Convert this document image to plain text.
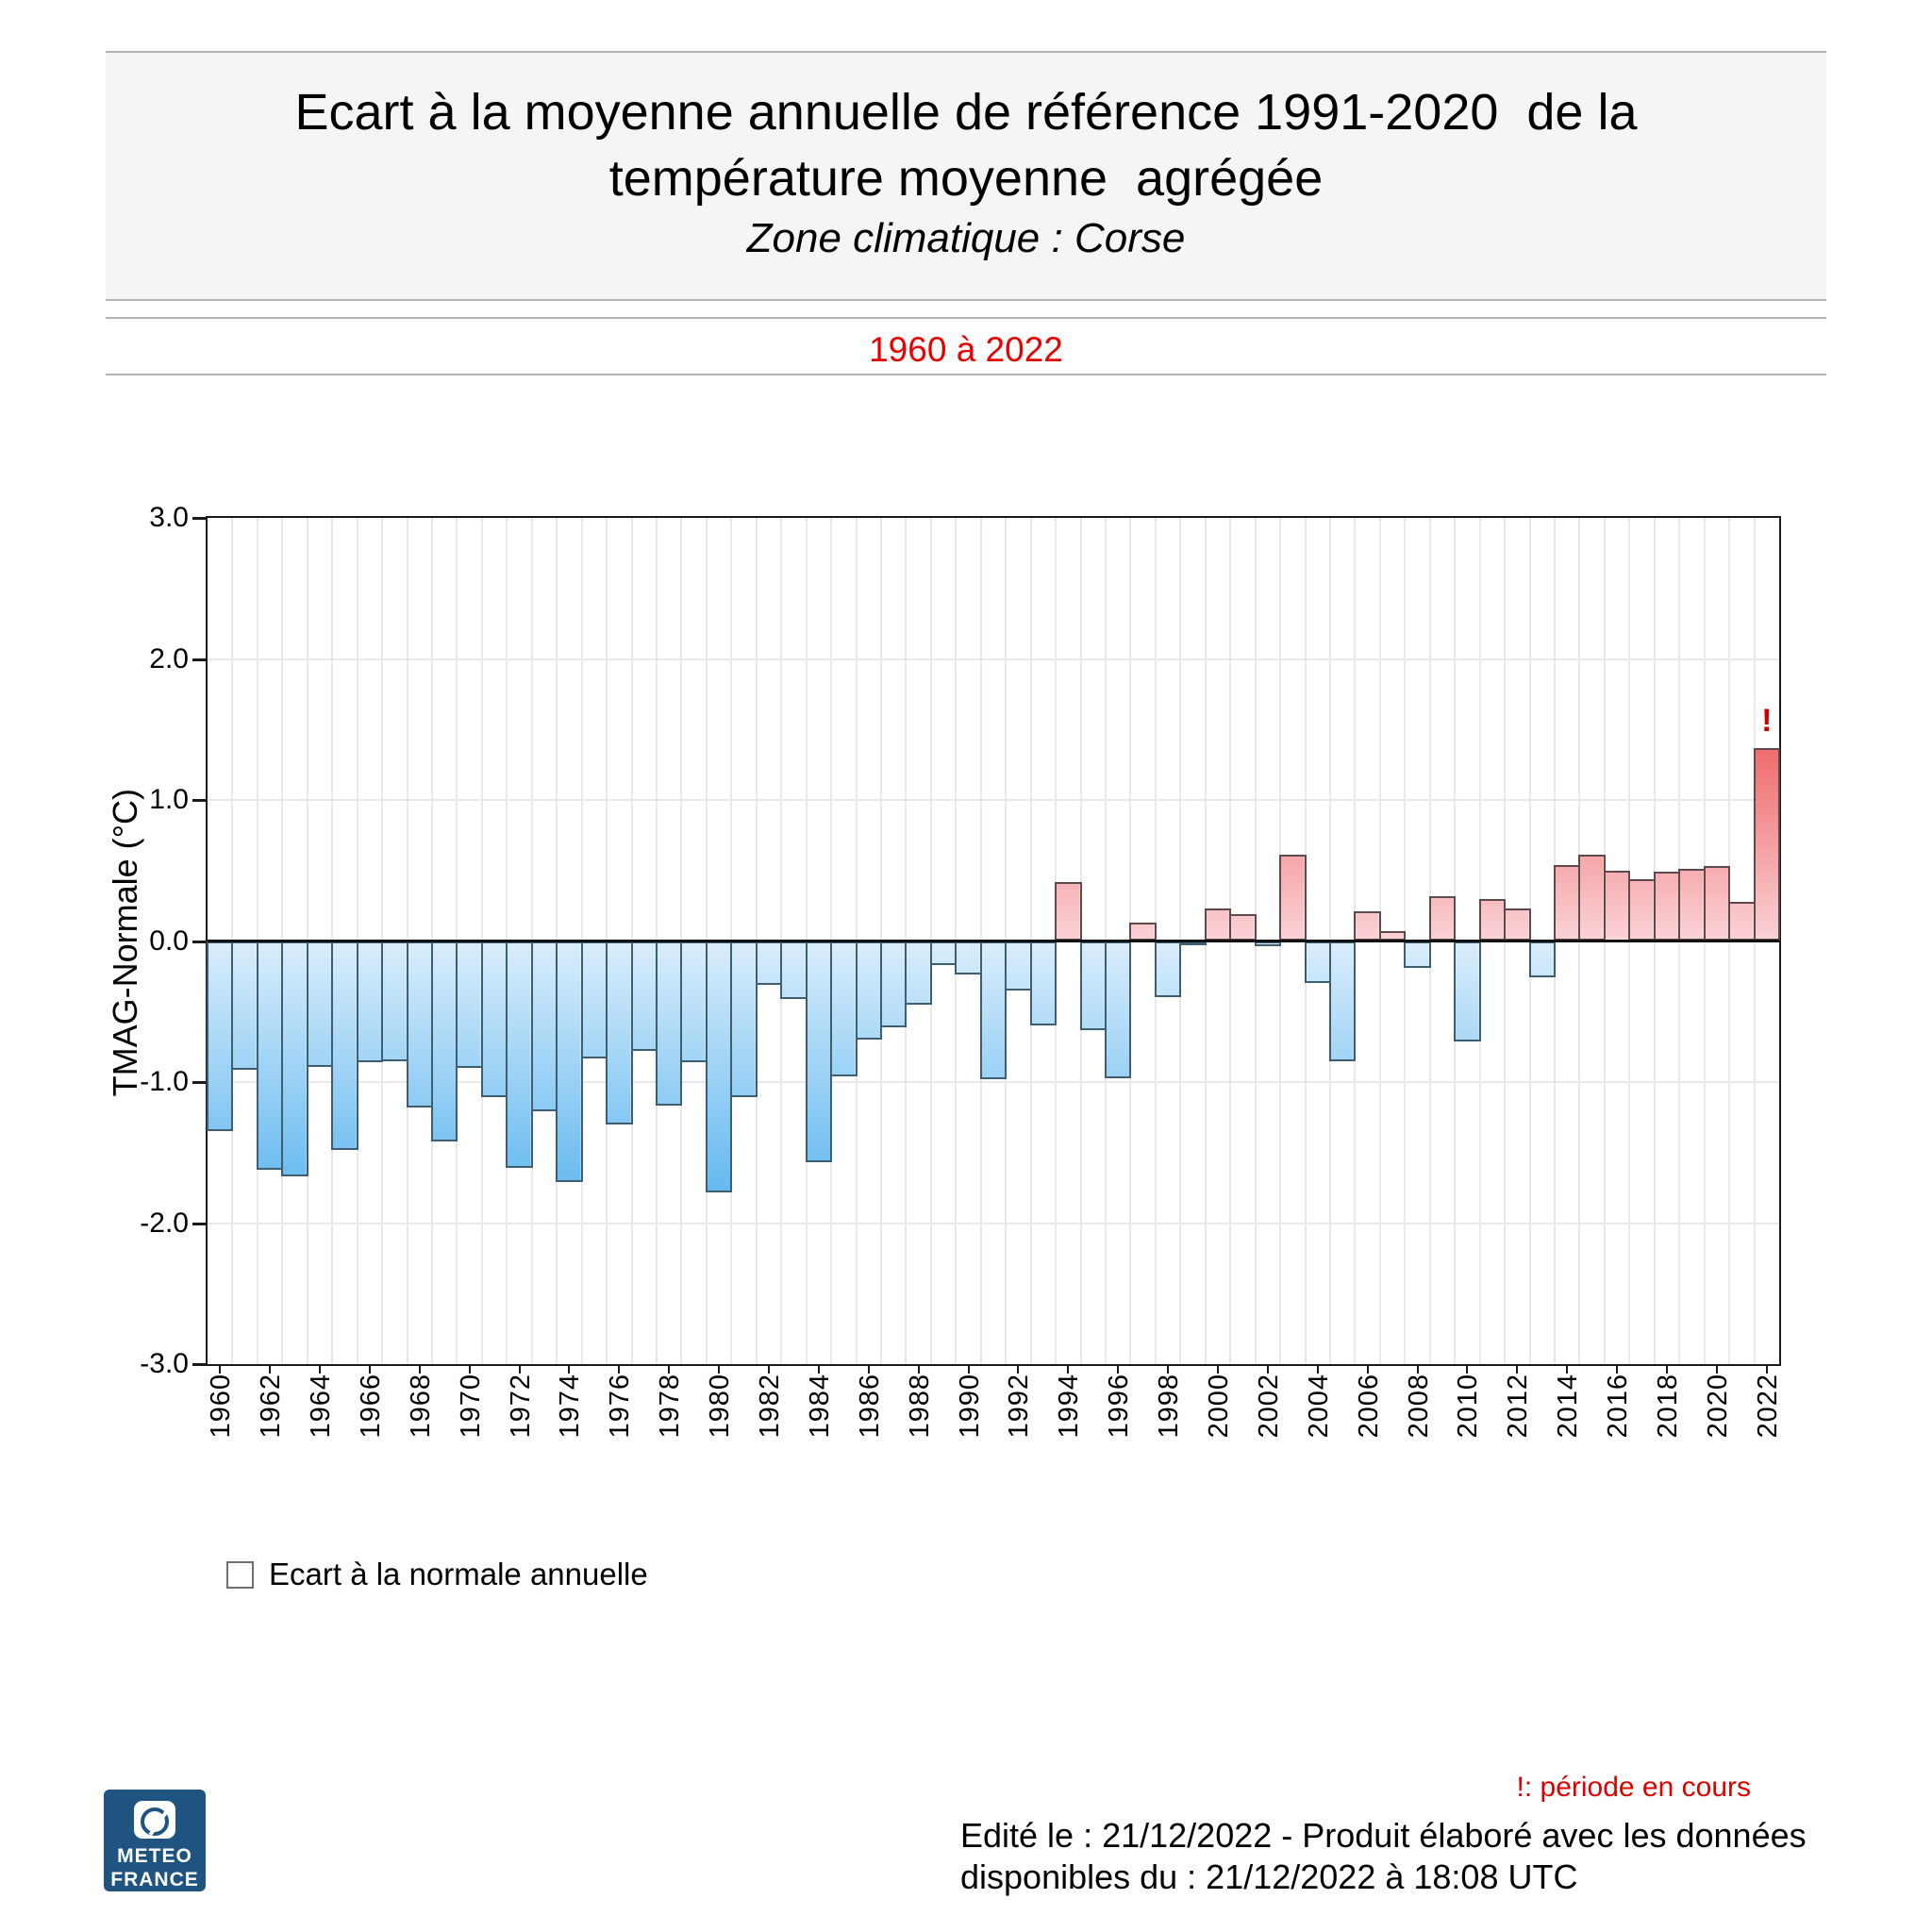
Ecart à la moyenne annuelle de référence 1991-2020  de la
température moyenne  agrégée
Zone climatique : Corse
1960 à 2022
TMAG-Normale (°C)
!
3.0
2.0
1.0
0.0
-1.0
-2.0
-3.0
1960 1962 1964 1966 1968 1970 1972 1974 1976 1978 1980 1982 1984 1986 1988 1990 1992 1994 1996 1998 2000 2002 2004 2006 2008 2010 2012 2014 2016 2018 2020 2022
Ecart à la normale annuelle
!: période en cours
Edité le : 21/12/2022 - Produit élaboré avec les données
disponibles du : 21/12/2022 à 18:08 UTC
METEO
FRANCE
